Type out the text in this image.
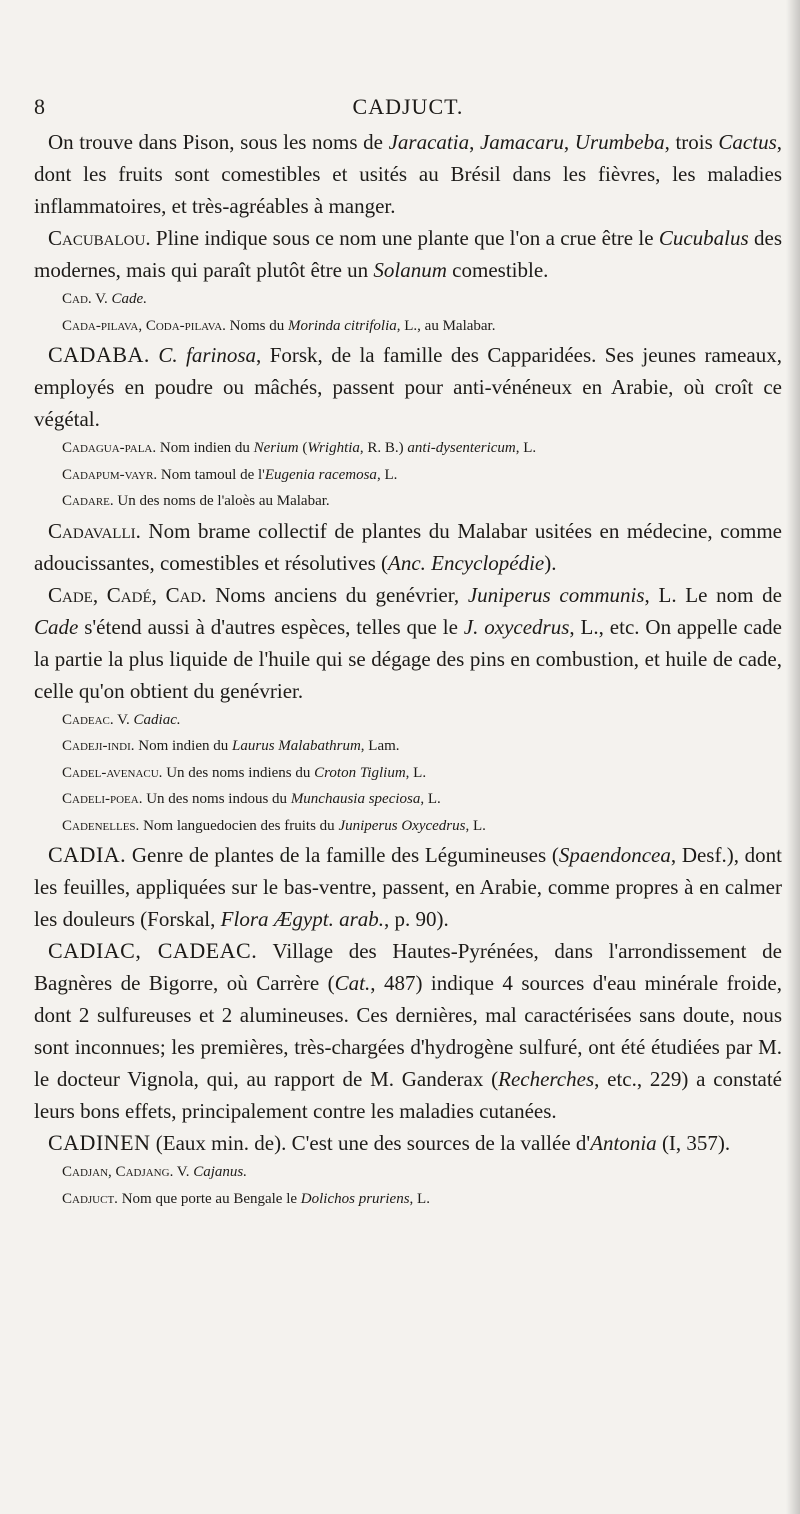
8	CADJUCT.

On trouve dans Pison, sous les noms de Jaracatia, Jamacaru, Urumbeba, trois Cactus, dont les fruits sont comestibles et usités au Brésil dans les fièvres, les maladies inflammatoires, et très-agréables à manger.

Cacubalou. Pline indique sous ce nom une plante que l'on a crue être le Cucubalus des modernes, mais qui paraît plutôt être un Solanum comestible.

Cad. V. Cade.

Cada-pilava, Coda-pilava. Noms du Morinda citrifolia, L., au Malabar.

CADABA. C. farinosa, Forsk, de la famille des Capparidées. Ses jeunes rameaux, employés en poudre ou mâchés, passent pour anti-vénéneux en Arabie, où croît ce végétal.

Cadagua-pala. Nom indien du Nerium (Wrightia, R. B.) anti-dysentericum, L.

Cadapum-vayr. Nom tamoul de l'Eugenia racemosa, L.

Cadare. Un des noms de l'aloès au Malabar.

Cadavalli. Nom brame collectif de plantes du Malabar usitées en médecine, comme adoucissantes, comestibles et résolutives (Anc. Encyclopédie).

Cade, Cadé, Cad. Noms anciens du genévrier, Juniperus communis, L. Le nom de Cade s'étend aussi à d'autres espèces, telles que le J. oxycedrus, L., etc. On appelle cade la partie la plus liquide de l'huile qui se dégage des pins en combustion, et huile de cade, celle qu'on obtient du genévrier.

Cadeac. V. Cadiac.

Cadeji-indi. Nom indien du Laurus Malabathrum, Lam.

Cadel-avenacu. Un des noms indiens du Croton Tiglium, L.

Cadeli-poea. Un des noms indous du Munchausia speciosa, L.

Cadenelles. Nom languedocien des fruits du Juniperus Oxycedrus, L.

CADIA. Genre de plantes de la famille des Légumineuses (Spaendoncea, Desf.), dont les feuilles, appliquées sur le bas-ventre, passent, en Arabie, comme propres à en calmer les douleurs (Forskal, Flora Ægypt. arab., p. 90).

CADIAC, CADEAC. Village des Hautes-Pyrénées, dans l'arrondissement de Bagnères de Bigorre, où Carrère (Cat., 487) indique 4 sources d'eau minérale froide, dont 2 sulfureuses et 2 alumineuses. Ces dernières, mal caractérisées sans doute, nous sont inconnues; les premières, très-chargées d'hydrogène sulfuré, ont été étudiées par M. le docteur Vignola, qui, au rapport de M. Ganderax (Recherches, etc., 229) a constaté leurs bons effets, principalement contre les maladies cutanées.

CADINEN (Eaux min. de). C'est une des sources de la vallée d'Antonia (I, 357).

Cadjan, Cadjang. V. Cajanus.

Cadjuct. Nom que porte au Bengale le Dolichos pruriens, L.
